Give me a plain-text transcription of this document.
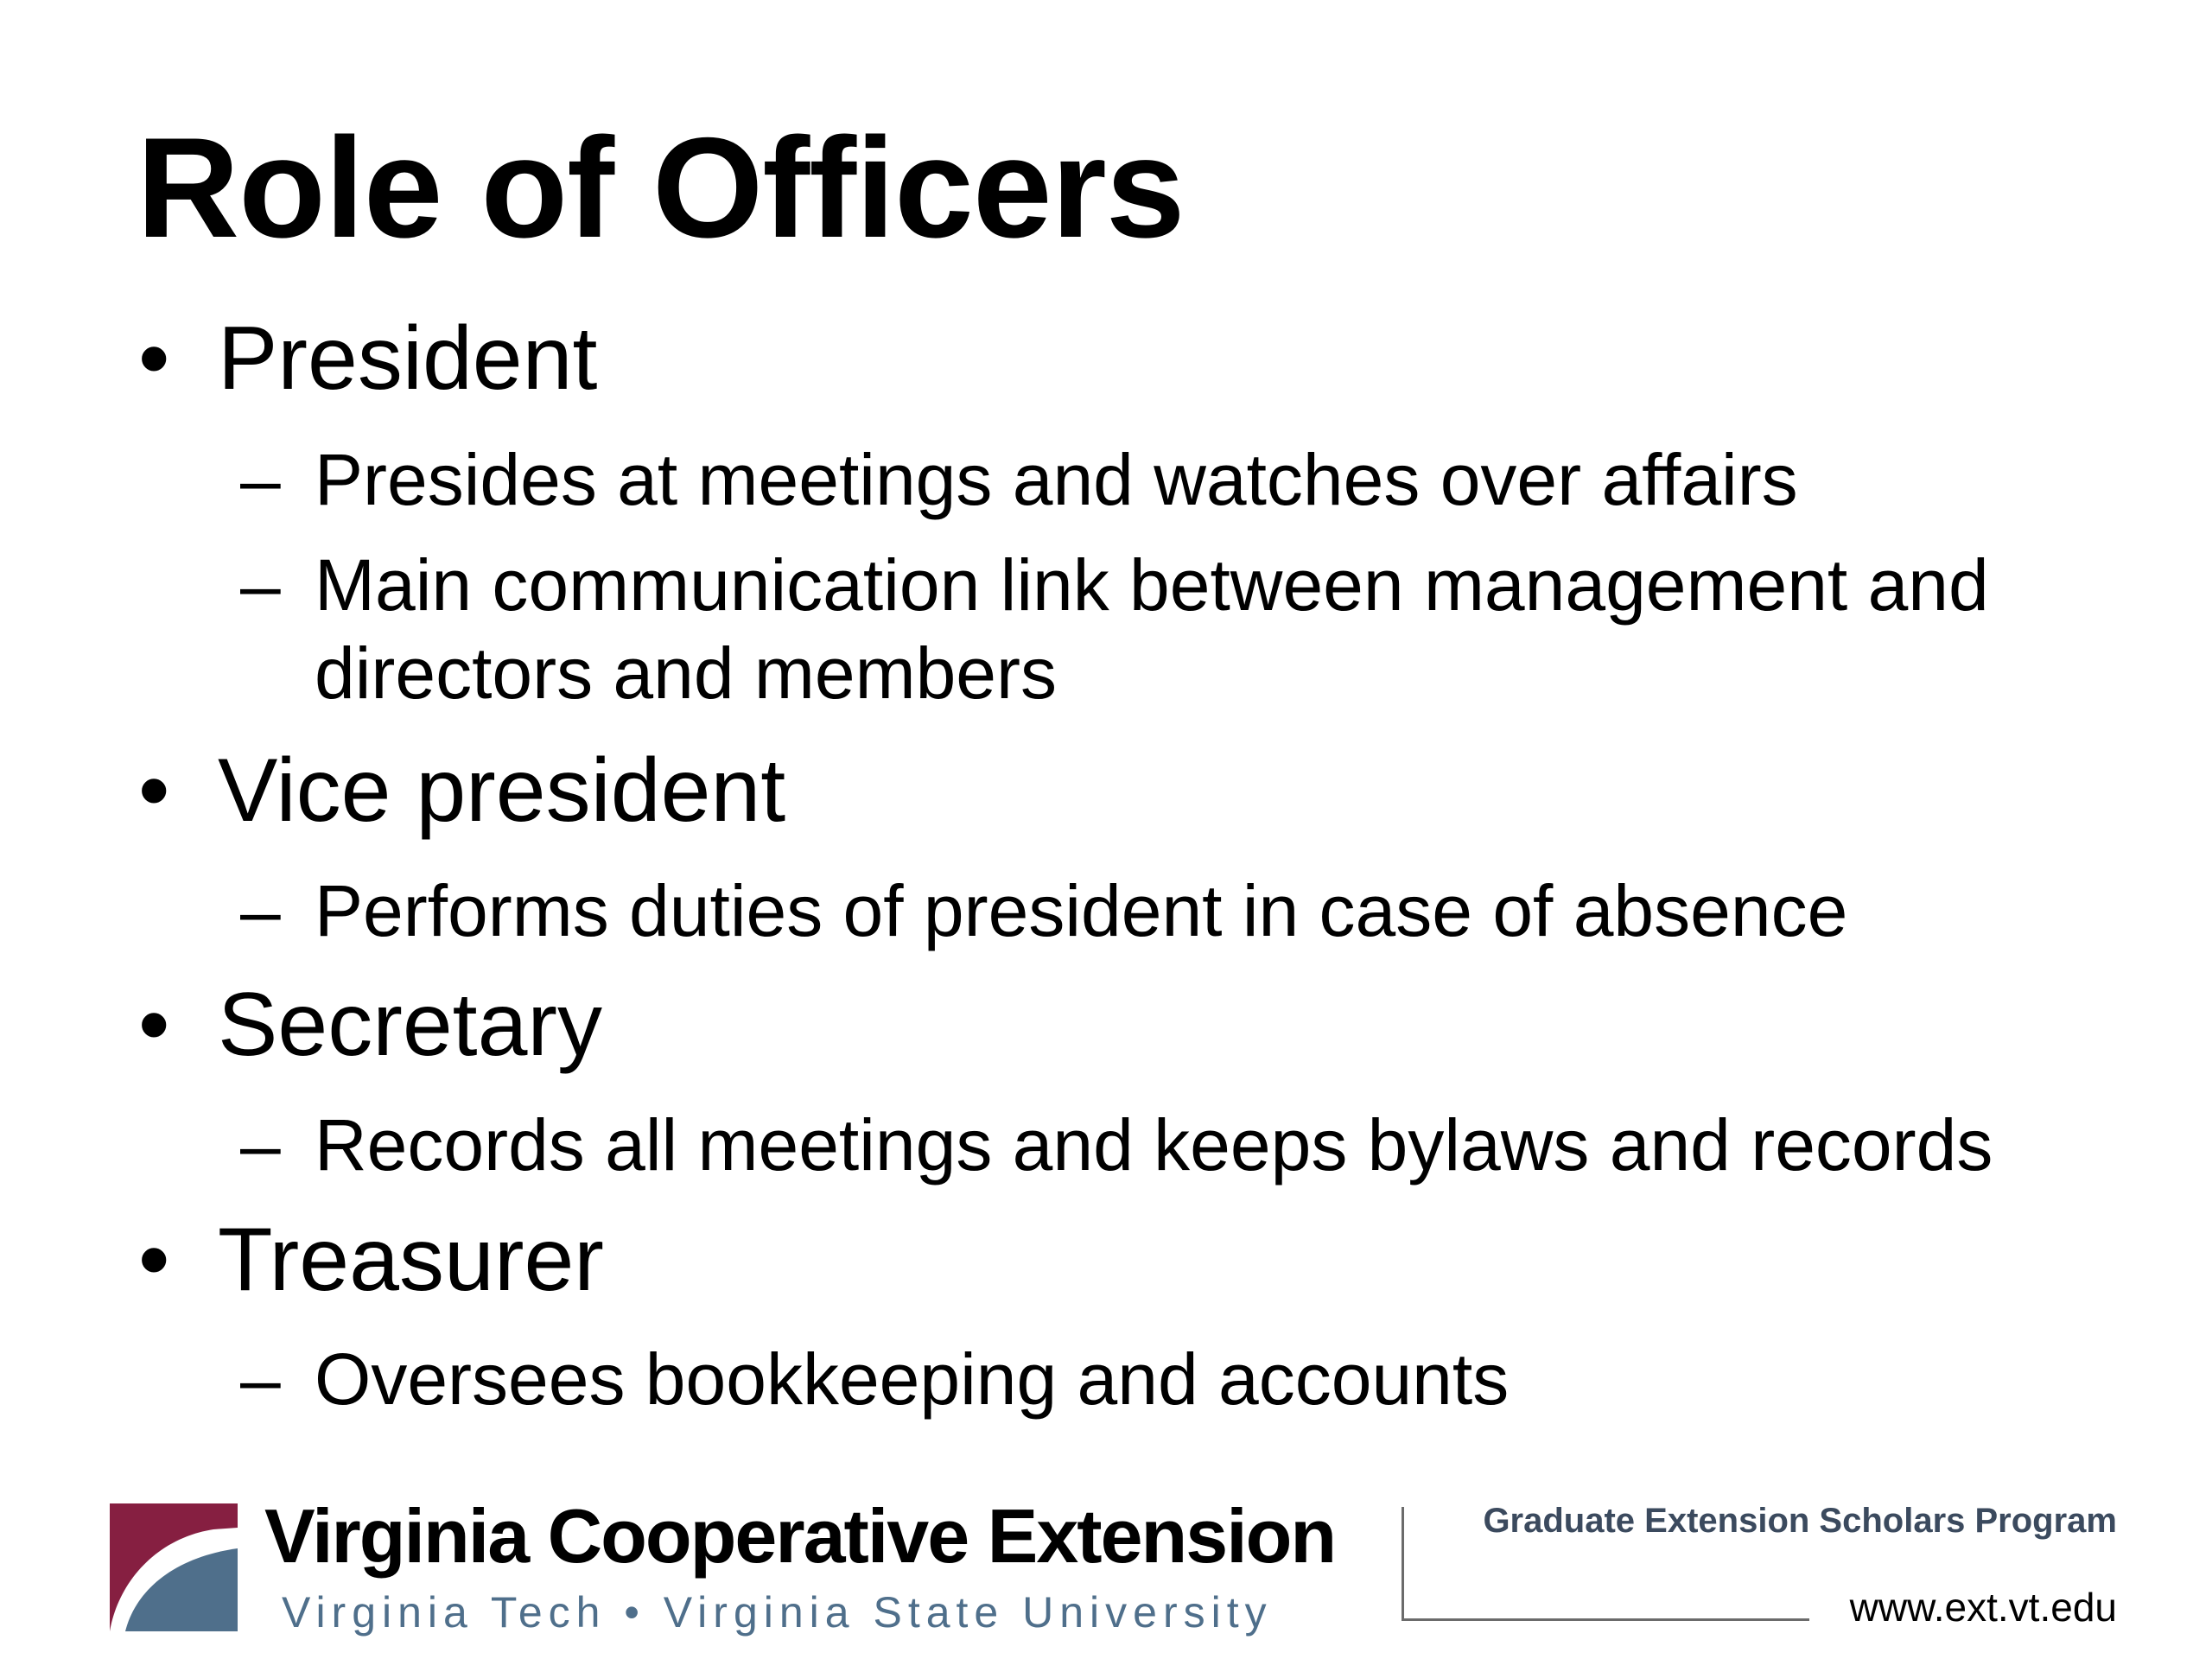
Role of Officers
• President
– Presides at meetings and watches over affairs
– Main communication link between management and directors and members
• Vice president
– Performs duties of president in case of absence
• Secretary
– Records all meetings and keeps bylaws and records
• Treasurer
– Oversees bookkeeping and accounts
Virginia Cooperative Extension
Virginia Tech • Virginia State University
Graduate Extension Scholars Program
www.ext.vt.edu
